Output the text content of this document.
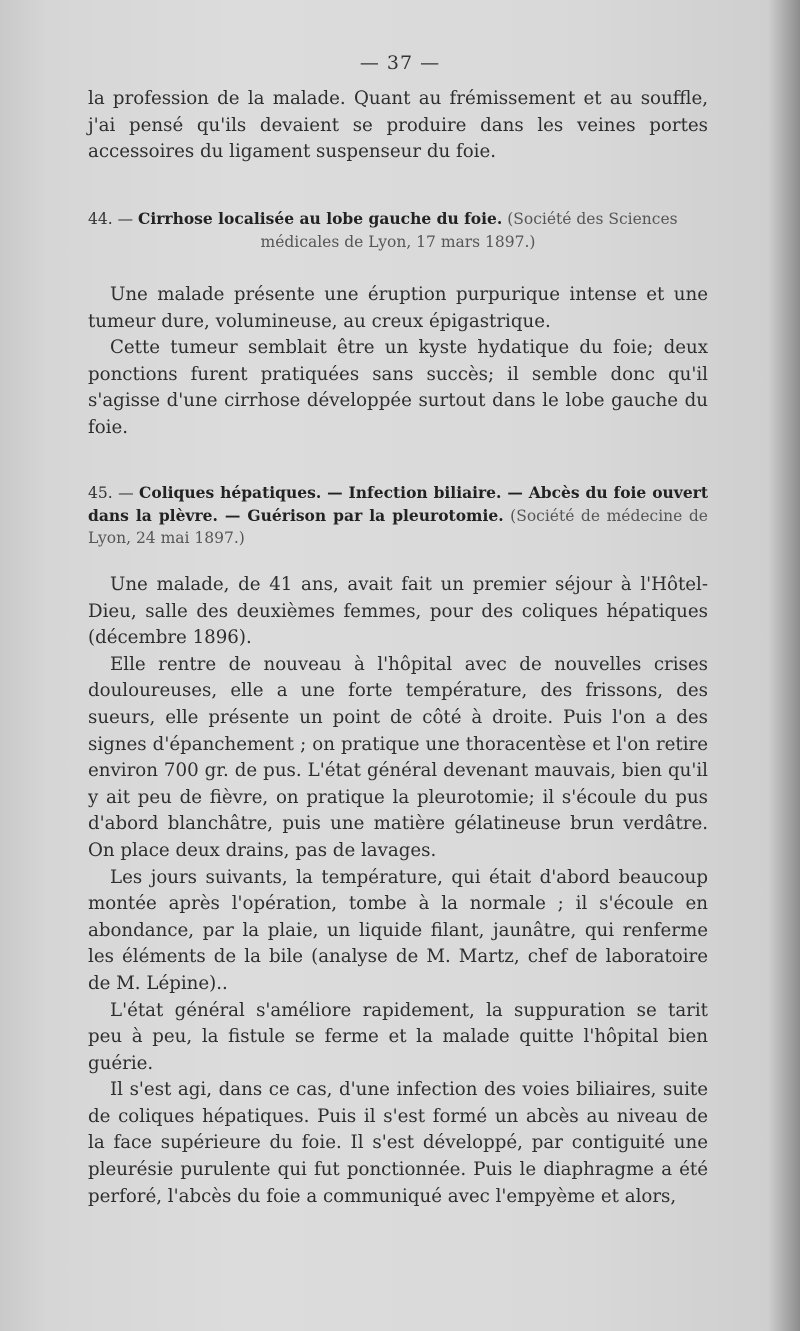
— 37 —

la profession de la malade. Quant au frémissement et au souffle, j'ai pensé qu'ils devaient se produire dans les veines portes accessoires du ligament suspenseur du foie.

44. — Cirrhose localisée au lobe gauche du foie. (Société des Sciences
médicales de Lyon, 17 mars 1897.)

Une malade présente une éruption purpurique intense et une tumeur dure, volumineuse, au creux épigastrique.

Cette tumeur semblait être un kyste hydatique du foie; deux ponctions furent pratiquées sans succès; il semble donc qu'il s'agisse d'une cirrhose développée surtout dans le lobe gauche du foie.

45. — Coliques hépatiques. — Infection biliaire. — Abcès du foie ouvert dans la plèvre. — Guérison par la pleurotomie. (Société de médecine de Lyon, 24 mai 1897.)

Une malade, de 41 ans, avait fait un premier séjour à l'Hôtel-Dieu, salle des deuxièmes femmes, pour des coliques hépatiques (décembre 1896).

Elle rentre de nouveau à l'hôpital avec de nouvelles crises douloureuses, elle a une forte température, des frissons, des sueurs, elle présente un point de côté à droite. Puis l'on a des signes d'épanchement ; on pratique une thoracentèse et l'on retire environ 700 gr. de pus. L'état général devenant mauvais, bien qu'il y ait peu de fièvre, on pratique la pleurotomie; il s'écoule du pus d'abord blanchâtre, puis une matière gélatineuse brun verdâtre. On place deux drains, pas de lavages.

Les jours suivants, la température, qui était d'abord beaucoup montée après l'opération, tombe à la normale ; il s'écoule en abondance, par la plaie, un liquide filant, jaunâtre, qui renferme les éléments de la bile (analyse de M. Martz, chef de laboratoire de M. Lépine)..

L'état général s'améliore rapidement, la suppuration se tarit peu à peu, la fistule se ferme et la malade quitte l'hôpital bien guérie.

Il s'est agi, dans ce cas, d'une infection des voies biliaires, suite de coliques hépatiques. Puis il s'est formé un abcès au niveau de la face supérieure du foie. Il s'est développé, par contiguité une pleurésie purulente qui fut ponctionnée. Puis le diaphragme a été perforé, l'abcès du foie a communiqué avec l'empyème et alors,
